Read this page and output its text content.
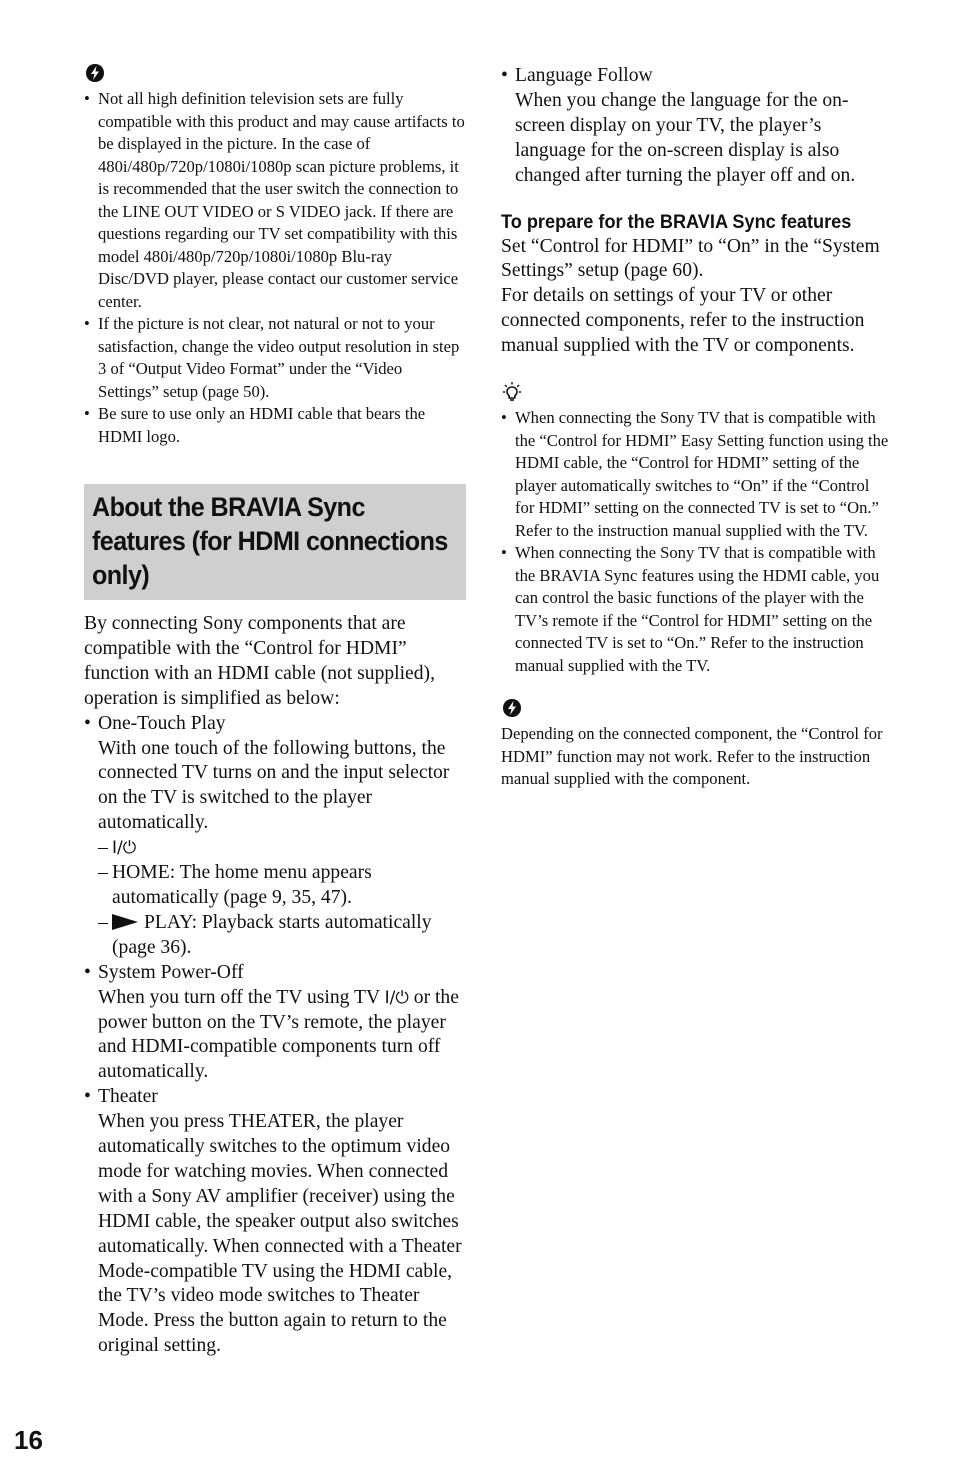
• Not all high definition television sets are fully compatible with this product and may cause artifacts to be displayed in the picture. In the case of 480i/480p/720p/1080i/1080p scan picture problems, it is recommended that the user switch the connection to the LINE OUT VIDEO or S VIDEO jack. If there are questions regarding our TV set compatibility with this model 480i/480p/720p/1080i/1080p Blu-ray Disc/DVD player, please contact our customer service center.
• If the picture is not clear, not natural or not to your satisfaction, change the video output resolution in step 3 of “Output Video Format” under the “Video Settings” setup (page 50).
• Be sure to use only an HDMI cable that bears the HDMI logo.
About the BRAVIA Sync features (for HDMI connections only)

By connecting Sony components that are compatible with the “Control for HDMI” function with an HDMI cable (not supplied), operation is simplified as below:

• One-Touch Play
With one touch of the following buttons, the connected TV turns on and the input selector on the TV is switched to the player automatically.
– I/⏻
– HOME: The home menu appears automatically (page 9, 35, 47).
– PLAY: Playback starts automatically (page 36).
• System Power-Off
When you turn off the TV using TV I/⏻ or the power button on the TV’s remote, the player and HDMI-compatible components turn off automatically.
• Theater
When you press THEATER, the player automatically switches to the optimum video mode for watching movies. When connected with a Sony AV amplifier (receiver) using the HDMI cable, the speaker output also switches automatically. When connected with a Theater Mode-compatible TV using the HDMI cable, the TV’s video mode switches to Theater Mode. Press the button again to return to the original setting.
• Language Follow
When you change the language for the on-screen display on your TV, the player’s language for the on-screen display is also changed after turning the player off and on.
To prepare for the BRAVIA Sync features

Set “Control for HDMI” to “On” in the “System Settings” setup (page 60).

For details on settings of your TV or other connected components, refer to the instruction manual supplied with the TV or components.

• When connecting the Sony TV that is compatible with the “Control for HDMI” Easy Setting function using the HDMI cable, the “Control for HDMI” setting of the player automatically switches to “On” if the “Control for HDMI” setting on the connected TV is set to “On.” Refer to the instruction manual supplied with the TV.
• When connecting the Sony TV that is compatible with the BRAVIA Sync features using the HDMI cable, you can control the basic functions of the player with the TV’s remote if the “Control for HDMI” setting on the connected TV is set to “On.” Refer to the instruction manual supplied with the TV.

Depending on the connected component, the “Control for HDMI” function may not work. Refer to the instruction manual supplied with the component.

16
